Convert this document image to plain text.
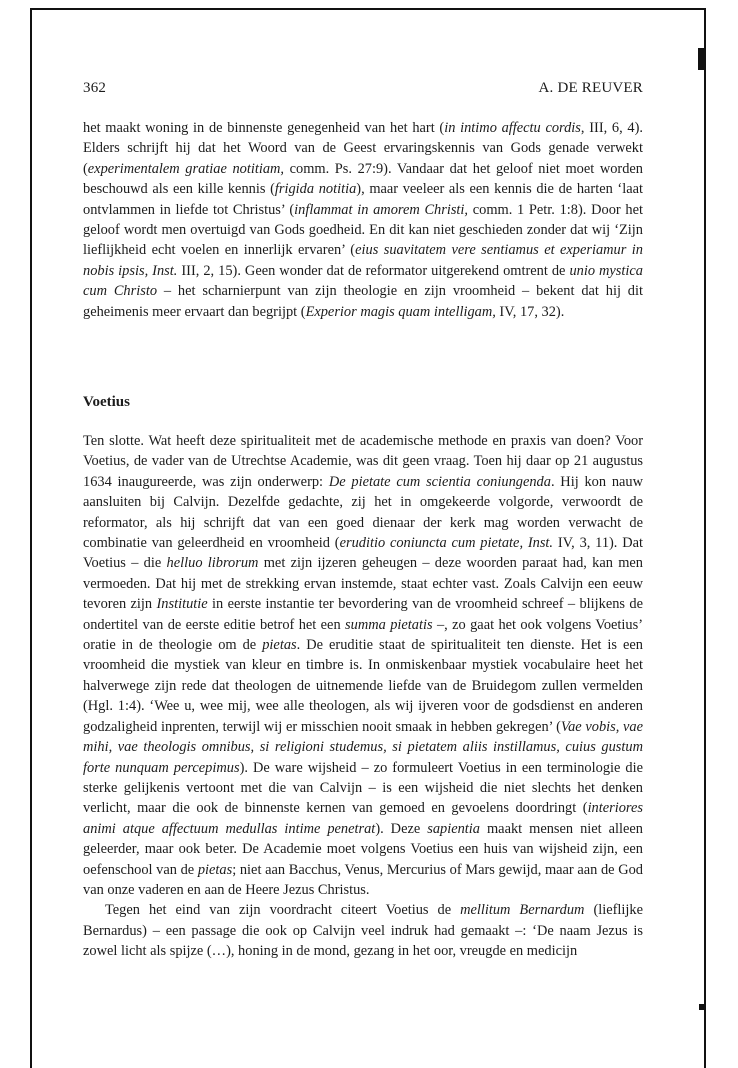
362	A. DE REUVER

het maakt woning in de binnenste genegenheid van het hart (in intimo affectu cordis, III, 6, 4). Elders schrijft hij dat het Woord van de Geest ervaringskennis van Gods genade verwekt (experimentalem gratiae notitiam, comm. Ps. 27:9). Vandaar dat het geloof niet moet worden beschouwd als een kille kennis (frigida notitia), maar veeleer als een kennis die de harten ‘laat ontvlammen in liefde tot Christus’ (inflammat in amorem Christi, comm. 1 Petr. 1:8). Door het geloof wordt men overtuigd van Gods goedheid. En dit kan niet geschieden zonder dat wij ‘Zijn lieflijkheid echt voelen en innerlijk ervaren’ (eius suavitatem vere sentiamus et experiamur in nobis ipsis, Inst. III, 2, 15). Geen wonder dat de reformator uitgerekend omtrent de unio mystica cum Christo – het scharnierpunt van zijn theologie en zijn vroomheid – bekent dat hij dit geheimenis meer ervaart dan begrijpt (Experior magis quam intelligam, IV, 17, 32).

Voetius

Ten slotte. Wat heeft deze spiritualiteit met de academische methode en praxis van doen? Voor Voetius, de vader van de Utrechtse Academie, was dit geen vraag. Toen hij daar op 21 augustus 1634 inaugureerde, was zijn onderwerp: De pietate cum scientia coniungenda. Hij kon nauw aansluiten bij Calvijn. Dezelfde gedachte, zij het in omgekeerde volgorde, verwoordt de reformator, als hij schrijft dat van een goed dienaar der kerk mag worden verwacht de combinatie van geleerdheid en vroomheid (eruditio coniuncta cum pietate, Inst. IV, 3, 11). Dat Voetius – die helluo librorum met zijn ijzeren geheugen – deze woorden paraat had, kan men vermoeden. Dat hij met de strekking ervan instemde, staat echter vast. Zoals Calvijn een eeuw tevoren zijn Institutie in eerste instantie ter bevordering van de vroomheid schreef – blijkens de ondertitel van de eerste editie betrof het een summa pietatis –, zo gaat het ook volgens Voetius’ oratie in de theologie om de pietas. De eruditie staat de spiritualiteit ten dienste. Het is een vroomheid die mystiek van kleur en timbre is. In onmiskenbaar mystiek vocabulaire heet het halverwege zijn rede dat theologen de uitnemende liefde van de Bruidegom zullen vermelden (Hgl. 1:4). ‘Wee u, wee mij, wee alle theologen, als wij ijveren voor de godsdienst en anderen godzaligheid inprenten, terwijl wij er misschien nooit smaak in hebben gekregen’ (Vae vobis, vae mihi, vae theologis omnibus, si religioni studemus, si pietatem aliis instillamus, cuius gustum forte nunquam percepimus). De ware wijsheid – zo formuleert Voetius in een terminologie die sterke gelijkenis vertoont met die van Calvijn – is een wijsheid die niet slechts het denken verlicht, maar die ook de binnenste kernen van gemoed en gevoelens doordringt (interiores animi atque affectuum medullas intime penetrat). Deze sapientia maakt mensen niet alleen geleerder, maar ook beter. De Academie moet volgens Voetius een huis van wijsheid zijn, een oefenschool van de pietas; niet aan Bacchus, Venus, Mercurius of Mars gewijd, maar aan de God van onze vaderen en aan de Heere Jezus Christus.

Tegen het eind van zijn voordracht citeert Voetius de mellitum Bernardum (lieflijke Bernardus) – een passage die ook op Calvijn veel indruk had gemaakt –: ‘De naam Jezus is zowel licht als spijze (…), honing in de mond, gezang in het oor, vreugde en medicijn
